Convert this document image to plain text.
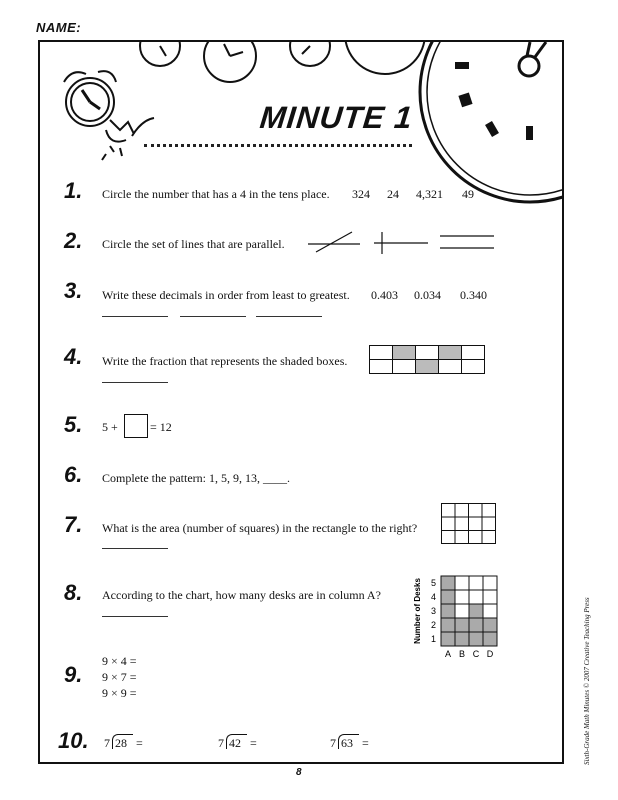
NAME:
MINUTE 1
1. Circle the number that has a 4 in the tens place. 324 24 4,321 49
2. Circle the set of lines that are parallel.
3. Write these decimals in order from least to greatest. 0.403 0.034 0.340
4. Write the fraction that represents the shaded boxes.
5. 5 +	= 12
6. Complete the pattern: 1, 5, 9, 13, ____.
7. What is the area (number of squares) in the rectangle to the right?
8. According to the chart, how many desks are in column A?
1
2
3
4
5
A B C D
Number of Desks
9.
9 × 4 =
9 × 7 =
9 × 9 =
10. 7 28 =	7 42 =	7 63 =
8
Sixth-Grade Math Minutes © 2007 Creative Teaching Press
